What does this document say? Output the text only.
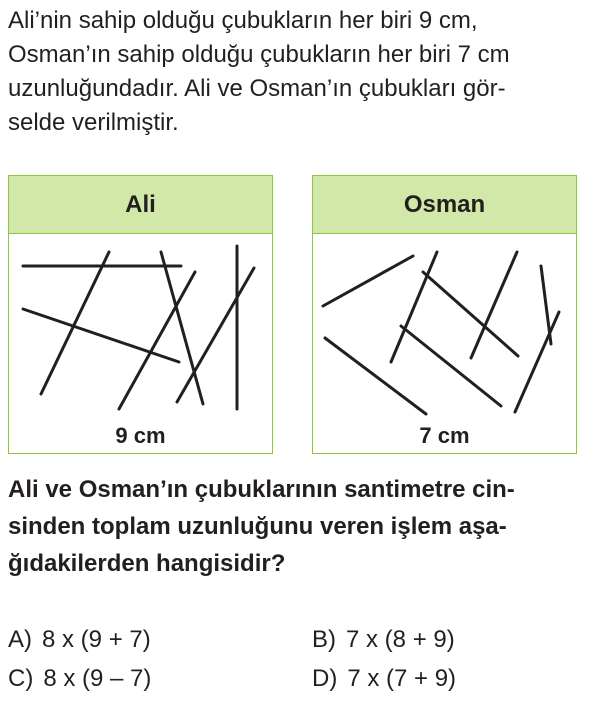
Ali’nin sahip olduğu çubukların her biri 9 cm,
Osman’ın sahip olduğu çubukların her biri 7 cm
uzunluğundadır. Ali ve Osman’ın çubukları gör-
selde verilmiştir.
Ali
9 cm
Osman
7 cm
Ali ve Osman’ın çubuklarının santimetre cin-
sinden toplam uzunluğunu veren işlem aşa-
ğıdakilerden hangisidir?
A) 8 x (9 + 7)	B) 7 x (8 + 9)
C) 8 x (9 – 7)	D) 7 x (7 + 9)
